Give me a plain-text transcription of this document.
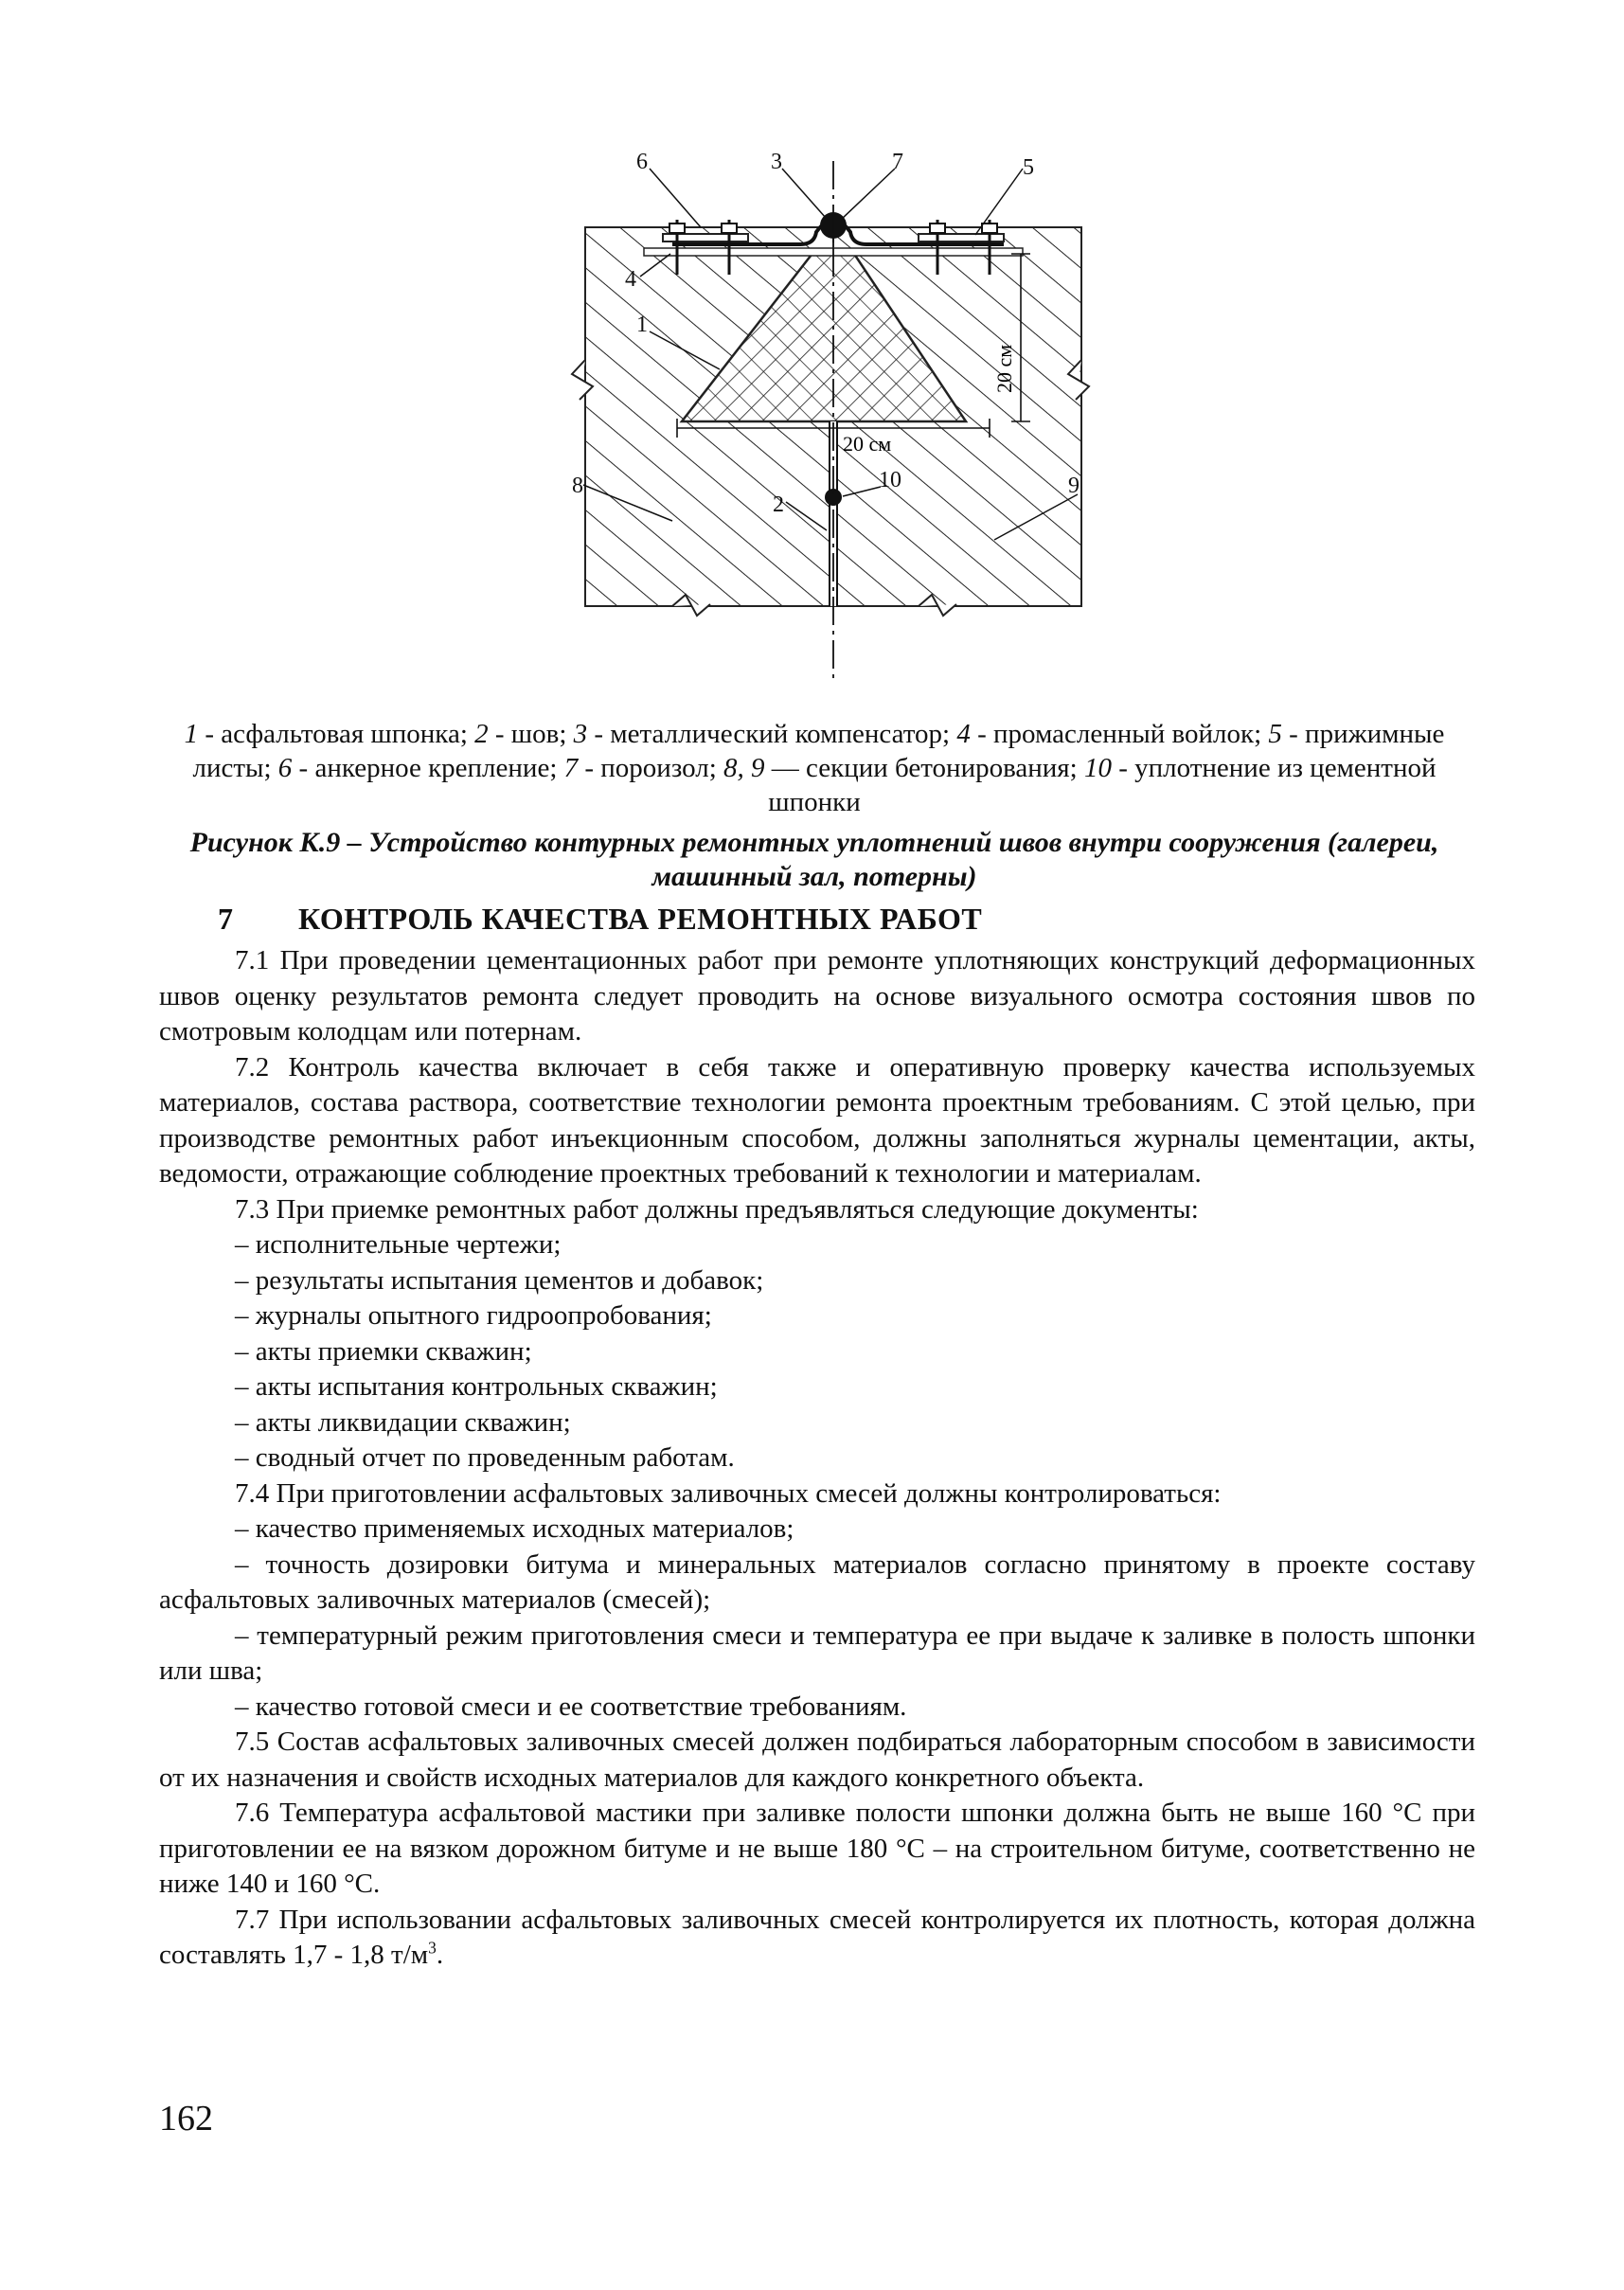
20 см
20 см
6	3	7	5
4
1
8	9
10
2
1 - асфальтовая шпонка; 2 - шов; 3 - металлический компенсатор; 4 - промасленный войлок; 5 - прижимные листы; 6 - анкерное крепление; 7 - пороизол; 8, 9 — секции бетонирования; 10 - уплотнение из цементной шпонки
Рисунок К.9 – Устройство контурных ремонтных уплотнений швов внутри сооружения (галереи, машинный зал, потерны)
7 КОНТРОЛЬ КАЧЕСТВА РЕМОНТНЫХ РАБОТ

7.1 При проведении цементационных работ при ремонте уплотняющих конструкций деформационных швов оценку результатов ремонта следует проводить на основе визуального осмотра состояния швов по смотровым колодцам или потернам.

7.2 Контроль качества включает в себя также и оперативную проверку качества используемых материалов, состава раствора, соответствие технологии ремонта проектным требованиям. С этой целью, при производстве ремонтных работ инъекционным способом, должны заполняться журналы цементации, акты, ведомости, отражающие соблюдение проектных требований к технологии и материалам.

7.3 При приемке ремонтных работ должны предъявляться следующие документы:

– исполнительные чертежи;

– результаты испытания цементов и добавок;

– журналы опытного гидроопробования;

– акты приемки скважин;

– акты испытания контрольных скважин;

– акты ликвидации скважин;

– сводный отчет по проведенным работам.

7.4 При приготовлении асфальтовых заливочных смесей должны контролироваться:

– качество применяемых исходных материалов;

– точность дозировки битума и минеральных материалов согласно принятому в проекте составу асфальтовых заливочных материалов (смесей);

– температурный режим приготовления смеси и температура ее при выдаче к заливке в полость шпонки или шва;

– качество готовой смеси и ее соответствие требованиям.

7.5 Состав асфальтовых заливочных смесей должен подбираться лабораторным способом в зависимости от их назначения и свойств исходных материалов для каждого конкретного объекта.

7.6 Температура асфальтовой мастики при заливке полости шпонки должна быть не выше 160 °С при приготовлении ее на вязком дорожном битуме и не выше 180 °С – на строительном битуме, соответственно не ниже 140 и 160 °С.

7.7 При использовании асфальтовых заливочных смесей контролируется их плотность, которая должна составлять 1,7 - 1,8 $т/м^3$.

162
